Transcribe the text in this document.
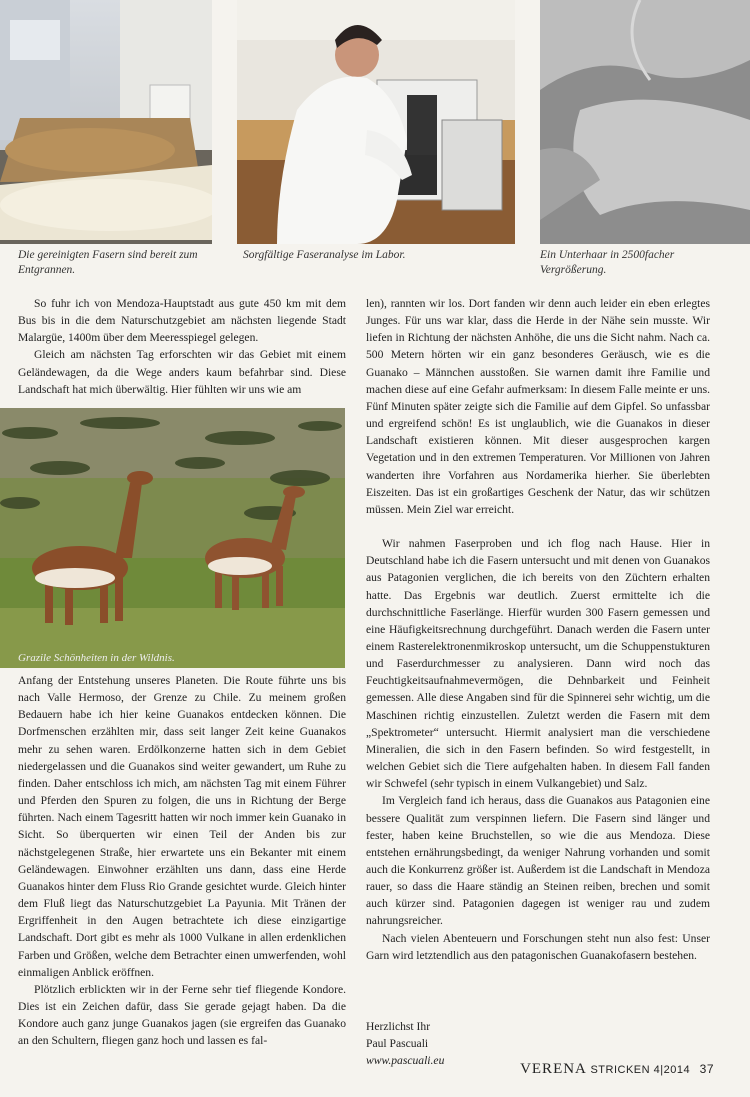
Die gereinigten Fasern sind bereit zum Entgrannen.
Sorgfältige Faseranalyse im Labor.	Ein Unterhaar in 2500facher Vergrößerung.

So fuhr ich von Mendoza-Hauptstadt aus gute 450 km mit dem Bus bis in die dem Naturschutzgebiet am nächsten liegende Stadt Malargüe, 1400m über dem Meeresspiegel gelegen.

Gleich am nächsten Tag erforschten wir das Gebiet mit einem Geländewagen, da die Wege anders kaum befahrbar sind. Diese Landschaft hat mich überwältig. Hier fühlten wir uns wie am

Grazile Schönheiten in der Wildnis.

Anfang der Entstehung unseres Planeten. Die Route führte uns bis nach Valle Hermoso, der Grenze zu Chile. Zu meinem großen Bedauern habe ich hier keine Guanakos entdecken können. Die Dorfmenschen erzählten mir, dass seit langer Zeit keine Guanakos mehr zu sehen waren. Erdölkonzerne hatten sich in dem Gebiet niedergelassen und die Guanakos sind weiter gewandert, um Ruhe zu finden. Daher entschloss ich mich, am nächsten Tag mit einem Führer und Pferden den Spuren zu folgen, die uns in Richtung der Berge führten. Nach einem Tagesritt hatten wir noch immer kein Guanako in Sicht. So überquerten wir einen Teil der Anden bis zur nächstgelegenen Straße, hier erwartete uns ein Bekanter mit einem Geländewagen. Einwohner erzählten uns dann, dass eine Herde Guanakos hinter dem Fluss Rio Grande gesichtet wurde. Gleich hinter dem Fluß liegt das Naturschutzgebiet La Payunia. Mit Tränen der Ergriffenheit in den Augen betrachtete ich diese einzigartige Landschaft. Dort gibt es mehr als 1000 Vulkane in allen erdenklichen Farben und Größen, welche dem Betrachter einen umwerfenden, wohl einmaligen Anblick eröffnen.

Plötzlich erblickten wir in der Ferne sehr tief fliegende Kondore. Dies ist ein Zeichen dafür, dass Sie gerade gejagt haben. Da die Kondore auch ganz junge Guanakos jagen (sie ergreifen das Guanako an den Schultern, fliegen ganz hoch und lassen es fal-

len), rannten wir los. Dort fanden wir denn auch leider ein eben erlegtes Junges. Für uns war klar, dass die Herde in der Nähe sein musste. Wir liefen in Richtung der nächsten Anhöhe, die uns die Sicht nahm. Nach ca. 500 Metern hörten wir ein ganz besonderes Geräusch, wie es die Guanako – Männchen ausstoßen. Sie warnen damit ihre Familie und machen diese auf eine Gefahr aufmerksam: In diesem Falle meinte er uns. Fünf Minuten später zeigte sich die Familie auf dem Gipfel. So unfassbar und ergreifend schön! Es ist unglaublich, wie die Guanakos in dieser Landschaft existieren können. Mit dieser ausgesprochen kargen Vegetation und in den extremen Temperaturen. Vor Millionen von Jahren wanderten ihre Vorfahren aus Nordamerika hierher. Sie überlebten Eiszeiten. Das ist ein großartiges Geschenk der Natur, das wir schützen müssen. Mein Ziel war erreicht.

Wir nahmen Faserproben und ich flog nach Hause. Hier in Deutschland habe ich die Fasern untersucht und mit denen von Guanakos aus Patagonien verglichen, die ich bereits von den Züchtern erhalten hatte. Das Ergebnis war deutlich. Zuerst ermittelte ich die durchschnittliche Faserlänge. Hierfür wurden 300 Fasern gemessen und eine Häufigkeitsrechnung durchgeführt. Danach werden die Fasern unter einem Rasterelektronenmikroskop untersucht, um die Schuppenstukturen und Faserdurchmesser zu analysieren. Dann wird noch das Feuchtigkeitsaufnahmevermögen, die Dehnbarkeit und Feinheit gemessen. Alle diese Angaben sind für die Spinnerei sehr wichtig, um die Maschinen richtig einzustellen. Zuletzt werden die Fasern mit dem „Spektrometer“ untersucht. Hiermit analysiert man die verschiedene Mineralien, die sich in den Fasern befinden. So wird festgestellt, in welchen Gebiet sich die Tiere aufgehalten haben. In diesem Fall fanden wir Schwefel (sehr typisch in einem Vulkangebiet) und Salz.

Im Vergleich fand ich heraus, dass die Guanakos aus Patagonien eine bessere Qualität zum verspinnen liefern. Die Fasern sind länger und fester, haben keine Bruchstellen, so wie die aus Mendoza. Diese entstehen ernährungsbedingt, da weniger Nahrung vorhanden und somit auch die Konkurrenz größer ist. Außerdem ist die Landschaft in Mendoza rauer, so dass die Haare ständig an Steinen reiben, brechen und somit auch kürzer sind. Patagonien dagegen ist weniger rau und zudem nahrungsreicher.

Nach vielen Abenteuern und Forschungen steht nun also fest: Unser Garn wird letztendlich aus den patagonischen Guanakofasern bestehen.

Herzlichst Ihr
Paul Pascuali
www.pascuali.eu
VERENA STRICKEN 4|2014 37
